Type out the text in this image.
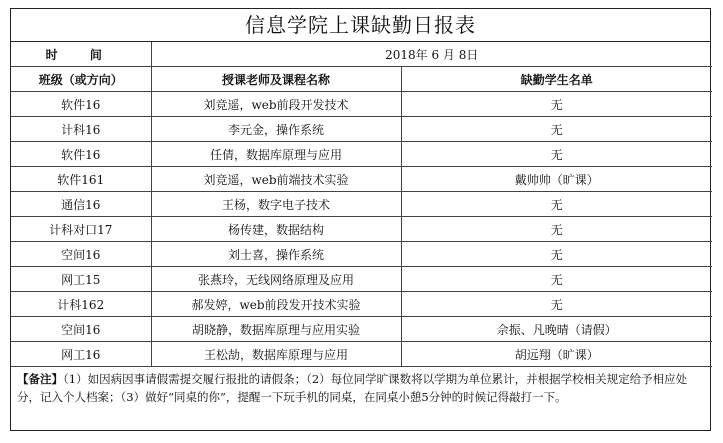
信息学院上课缺勤日报表
时 间	2018年 6 月 8日	
班级（或方向）	授课老师及课程名称	缺勤学生名单
软件16	刘竞遥，web前段开发技术	无
计科16	李元金，操作系统	无
软件16	任倩，数据库原理与应用	无
软件161	刘竞遥，web前端技术实验	戴帅帅（旷课）
通信16	王杨，数字电子技术	无
计科对口17	杨传建，数据结构	无
空间16	刘士喜，操作系统	无
网工15	张燕玲，无线网络原理及应用	无
计科162	郝发婷，web前段发开技术实验	无
空间16	胡晓静，数据库原理与应用实验	佘振、凡晚晴（请假）
网工16	王松劼，数据库原理与应用	胡远翔（旷课）
【备注】（1）如因病因事请假需提交履行报批的请假条；（2）每位同学旷课数将以学期为单位累计，并根据学校相关规定给予相应处分，记入个人档案；（3）做好“同桌的你”，提醒一下玩手机的同桌，在同桌小憩5分钟的时候记得敲打一下。
